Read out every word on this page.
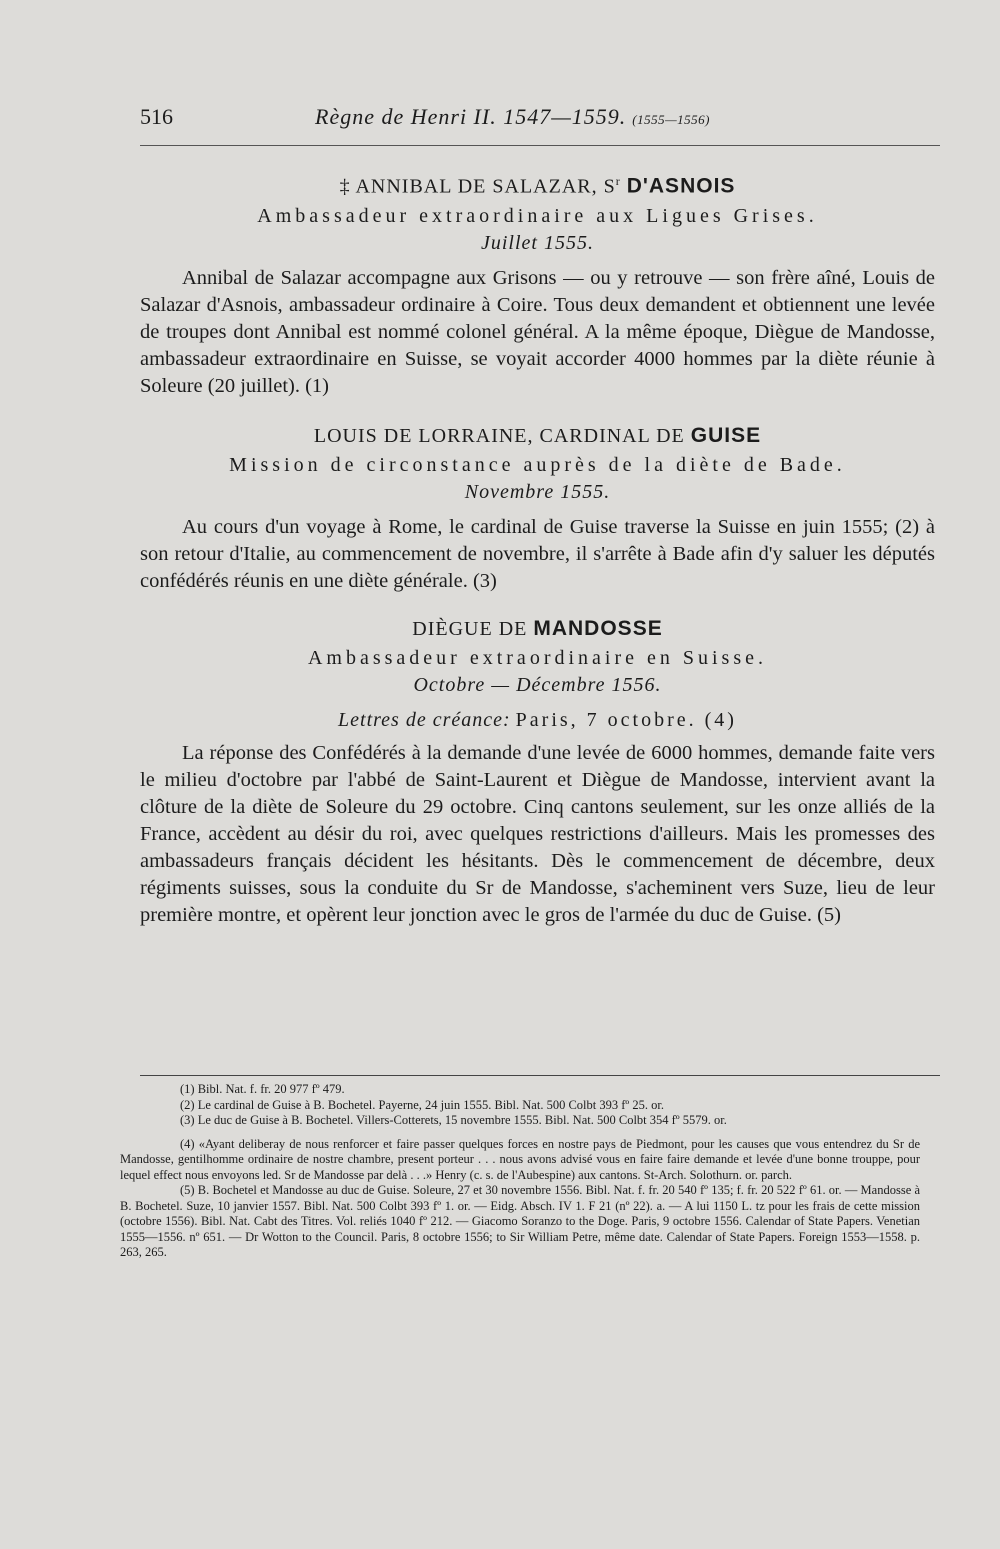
516	Règne de Henri II. 1547—1559. (1555—1556)
‡ ANNIBAL DE SALAZAR, $S^r$ D'ASNOIS
Ambassadeur extraordinaire aux Ligues Grises.
Juillet 1555.

Annibal de Salazar accompagne aux Grisons — ou y retrouve — son frère aîné, Louis de Salazar d'Asnois, ambassadeur ordinaire à Coire. Tous deux demandent et obtiennent une levée de troupes dont Annibal est nommé colonel général. A la même époque, Diègue de Mandosse, ambassadeur extraordinaire en Suisse, se voyait accorder 4000 hommes par la diète réunie à Soleure (20 juillet). (1)

LOUIS DE LORRAINE, CARDINAL DE GUISE
Mission de circonstance auprès de la diète de Bade.
Novembre 1555.

Au cours d'un voyage à Rome, le cardinal de Guise traverse la Suisse en juin 1555; (2) à son retour d'Italie, au commencement de novembre, il s'arrête à Bade afin d'y saluer les députés confédérés réunis en une diète générale. (3)

DIÈGUE DE MANDOSSE
Ambassadeur extraordinaire en Suisse.
Octobre — Décembre 1556.
Lettres de créance: Paris, 7 octobre. (4)

La réponse des Confédérés à la demande d'une levée de 6000 hommes, demande faite vers le milieu d'octobre par l'abbé de Saint-Laurent et Diègue de Mandosse, intervient avant la clôture de la diète de Soleure du 29 octobre. Cinq cantons seulement, sur les onze alliés de la France, accèdent au désir du roi, avec quelques restrictions d'ailleurs. Mais les promesses des ambassadeurs français décident les hésitants. Dès le commencement de décembre, deux régiments suisses, sous la conduite du Sr de Mandosse, s'acheminent vers Suze, lieu de leur première montre, et opèrent leur jonction avec le gros de l'armée du duc de Guise. (5)

(1) Bibl. Nat. f. fr. 20 977 fº 479.

(2) Le cardinal de Guise à B. Bochetel. Payerne, 24 juin 1555. Bibl. Nat. 500 Colbt 393 fº 25. or.

(3) Le duc de Guise à B. Bochetel. Villers-Cotterets, 15 novembre 1555. Bibl. Nat. 500 Colbt 354 fº 5579. or.

(4) «Ayant deliberay de nous renforcer et faire passer quelques forces en nostre pays de Piedmont, pour les causes que vous entendrez du Sr de Mandosse, gentilhomme ordinaire de nostre chambre, present porteur . . . nous avons advisé vous en faire faire demande et levée d'une bonne trouppe, pour lequel effect nous envoyons led. Sr de Mandosse par delà . . .» Henry (c. s. de l'Aubespine) aux cantons. St-Arch. Solothurn. or. parch.

(5) B. Bochetel et Mandosse au duc de Guise. Soleure, 27 et 30 novembre 1556. Bibl. Nat. f. fr. 20 540 fº 135; f. fr. 20 522 fº 61. or. — Mandosse à B. Bochetel. Suze, 10 janvier 1557. Bibl. Nat. 500 Colbt 393 fº 1. or. — Eidg. Absch. IV 1. F 21 (nº 22). a. — A lui 1150 L. tz pour les frais de cette mission (octobre 1556). Bibl. Nat. Cabt des Titres. Vol. reliés 1040 fº 212. — Giacomo Soranzo to the Doge. Paris, 9 octobre 1556. Calendar of State Papers. Venetian 1555—1556. nº 651. — Dr Wotton to the Council. Paris, 8 octobre 1556; to Sir William Petre, même date. Calendar of State Papers. Foreign 1553—1558. p. 263, 265.
